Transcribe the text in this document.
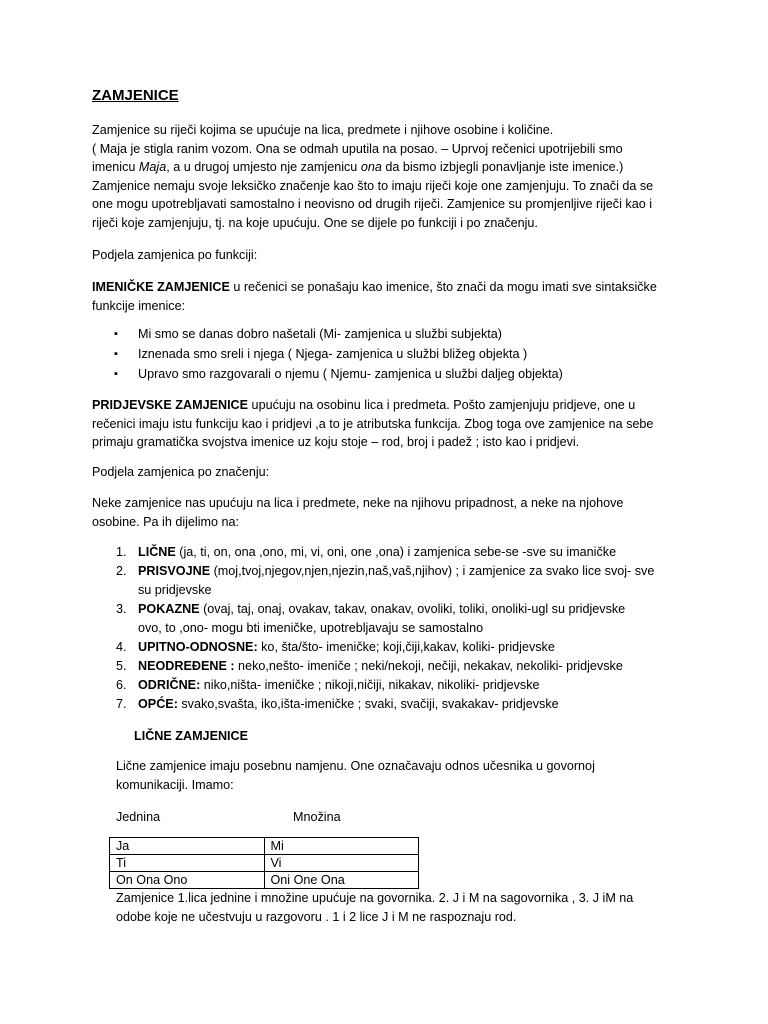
ZAMJENICE

Zamjenice su riječi kojima se upućuje na lica, predmete i njihove osobine i količine.

( Maja je stigla ranim vozom. Ona se odmah uputila na posao. – Uprvoj rečenici upotrijebili smo

imenicu Maja, a u drugoj umjesto nje zamjenicu ona da bismo izbjegli ponavljanje iste imenice.)

Zamjenice nemaju svoje leksičko značenje kao što to imaju riječi koje one zamjenjuju. To znači da se

one mogu upotrebljavati samostalno i neovisno od drugih riječi. Zamjenice su promjenljive riječi kao i

riječi koje zamjenjuju, tj. na koje upućuju. One se dijele po funkciji i po značenju.

Podjela zamjenica po funkciji:

IMENIČKE ZAMJENICE u rečenici se ponašaju kao imenice, što znači da mogu imati sve sintaksičke

funkcije imenice:

▪ Mi smo se danas dobro našetali (Mi- zamjenica u službi subjekta)
▪ Iznenada smo sreli i njega ( Njega- zamjenica u službi bližeg objekta )
▪ Upravo smo razgovarali o njemu ( Njemu- zamjenica u službi daljeg objekta)

PRIDJEVSKE ZAMJENICE upućuju na osobinu lica i predmeta. Pošto zamjenjuju pridjeve, one u

rečenici imaju istu funkciju kao i pridjevi ,a to je atributska funkcija. Zbog toga ove zamjenice na sebe

primaju gramatička svojstva imenice uz koju stoje – rod, broj i padež ; isto kao i pridjevi.

Podjela zamjenica po značenju:

Neke zamjenice nas upućuju na lica i predmete, neke na njihovu pripadnost, a neke na njohove

osobine. Pa ih dijelimo na:

1. LIČNE (ja, ti, on, ona ,ono, mi, vi, oni, one ,ona) i zamjenica sebe-se -sve su imaničke
2. PRISVOJNE (moj,tvoj,njegov,njen,njezin,naš,vaš,njihov) ; i zamjenice za svako lice svoj- sve
su pridjevske
3. POKAZNE (ovaj, taj, onaj, ovakav, takav, onakav, ovoliki, toliki, onoliki-ugl su pridjevske
ovo, to ,ono- mogu bti imeničke, upotrebljavaju se samostalno
4. UPITNO-ODNOSNE: ko, šta/što- imeničke; koji,čiji,kakav, koliki- pridjevske
5. NEODREĐENE : neko,nešto- imeniče ; neki/nekoji, nečiji, nekakav, nekoliki- pridjevske
6. ODRIČNE: niko,ništa- imeničke ; nikoji,ničiji, nikakav, nikoliki- pridjevske
7. OPĆE: svako,svašta, iko,išta-imeničke ; svaki, svačiji, svakakav- pridjevske

LIČNE ZAMJENICE

Lične zamjenice imaju posebnu namjenu. One označavaju odnos učesnika u govornoj

komunikaciji. Imamo:

Jednina	Množina
Ja	Mi
Ti	Vi
On Ona Ono	Oni One Ona

Zamjenice 1.lica jednine i množine upućuje na govornika. 2. J i M na sagovornika , 3. J iM na

odobe koje ne učestvuju u razgovoru . 1 i 2 lice J i M ne raspoznaju rod.
